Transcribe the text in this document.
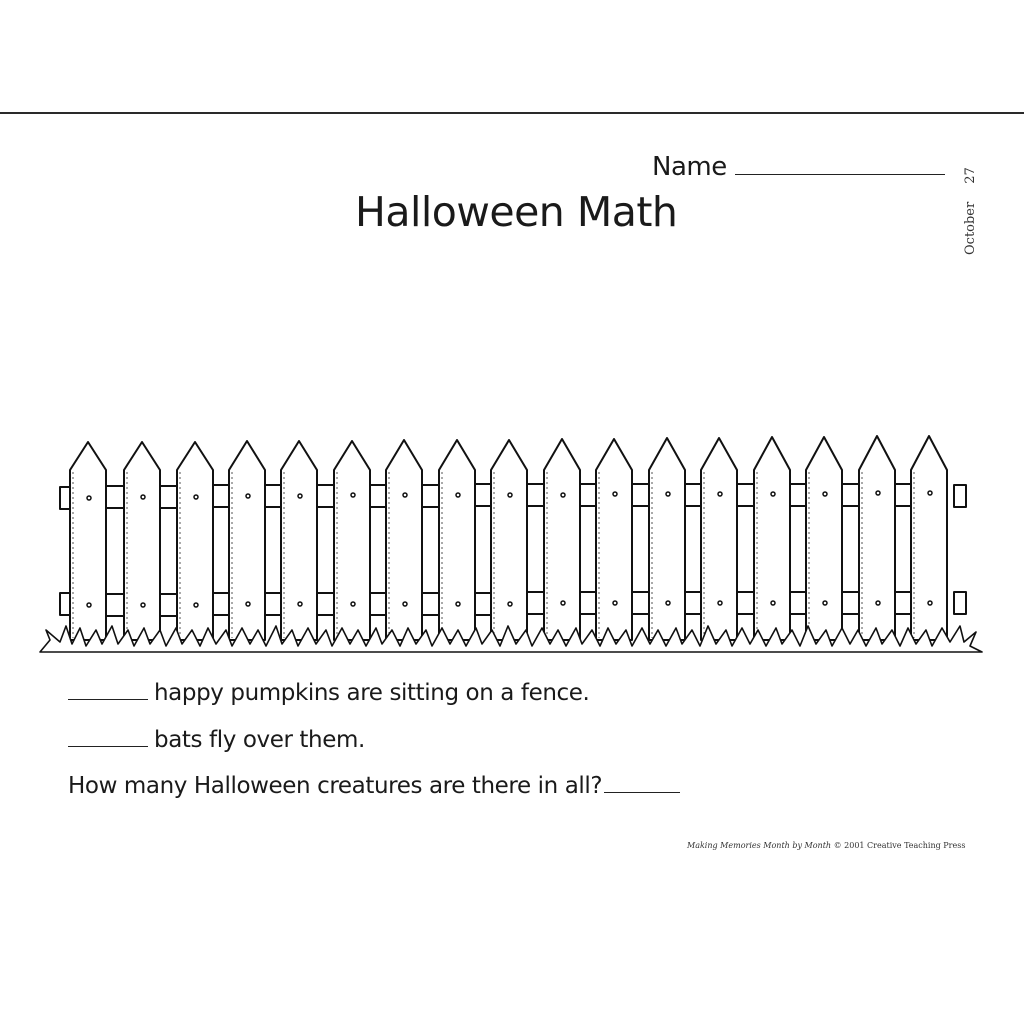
Name
Halloween Math	October27
happy pumpkins are sitting on a fence.
bats fly over them.
How many Halloween creatures are there in all?
Making Memories Month by Month © 2001 Creative Teaching Press
